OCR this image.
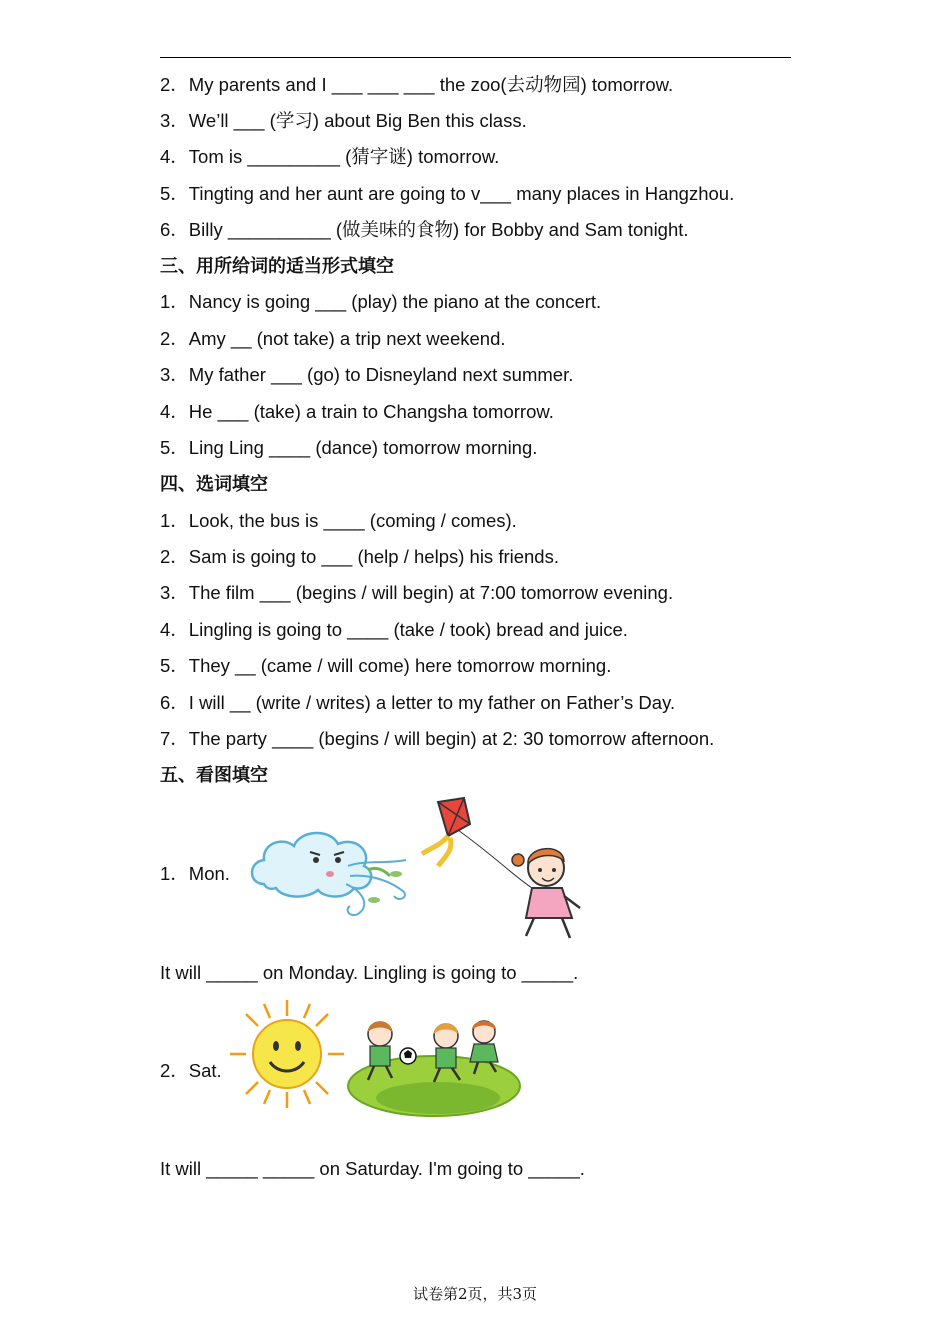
2．My parents and I ___ ___ ___ the zoo(去动物园) tomorrow.
3．We’ll ___ (学习) about Big Ben this class.
4．Tom is _________ (猜字谜) tomorrow.
5．Tingting and her aunt are going to v___ many places in Hangzhou.
6．Billy __________ (做美味的食物) for Bobby and Sam tonight.
三、用所给词的适当形式填空
1．Nancy is going ___ (play) the piano at the concert.
2．Amy __ (not take) a trip next weekend.
3．My father ___ (go) to Disneyland next summer.
4．He ___ (take) a train to Changsha tomorrow.
5．Ling Ling ____ (dance) tomorrow morning.
四、选词填空
1．Look, the bus is ____ (coming / comes).
2．Sam is going to ___ (help / helps) his friends.
3．The film ___ (begins / will begin) at 7:00 tomorrow evening.
4．Lingling is going to ____ (take / took) bread and juice.
5．They __ (came / will come) here tomorrow morning.
6．I will __ (write / writes) a letter to my father on Father’s Day.
7．The party ____ (begins / will begin) at 2: 30 tomorrow afternoon.
五、看图填空
1．Mon.
It will _____ on Monday. Lingling is going to _____.
2．Sat.
It will _____ _____ on Saturday. I'm going to _____.
试卷第2页，共3页
